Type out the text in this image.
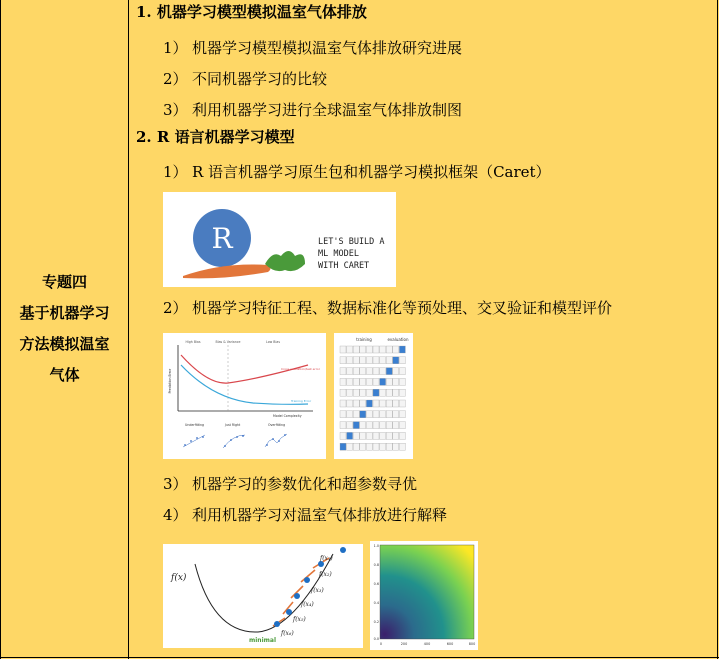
专题四
基于机器学习
方法模拟温室
气体
1. 机器学习模型模拟温室气体排放
1） 机器学习模型模拟温室气体排放研究进展
2） 不同机器学习的比较
3） 利用机器学习进行全球温室气体排放制图
2. R 语言机器学习模型
1） R 语言机器学习原生包和机器学习模拟框架（Caret）
R	LET'S BUILD A
ML MODEL
WITH CARET
2） 机器学习特征工程、数据标准化等预处理、交叉验证和模型评价
High Bias	Bias & Variance	Low Bias
Prediction Error	Cross validation/test error
Training Error
Model Complexity
Underfitting	Just Right	Overfitting
training	evaluation
3） 机器学习的参数优化和超参数寻优
4） 利用机器学习对温室气体排放进行解释
f(x)
f(x₁)
f(x₂)
f(x₃)
f(x₄)
f(x₅)
f(x₆)
minimal
1.0
0.8
0.6
0.4
0.2
0.0
0	200	400	600	800
